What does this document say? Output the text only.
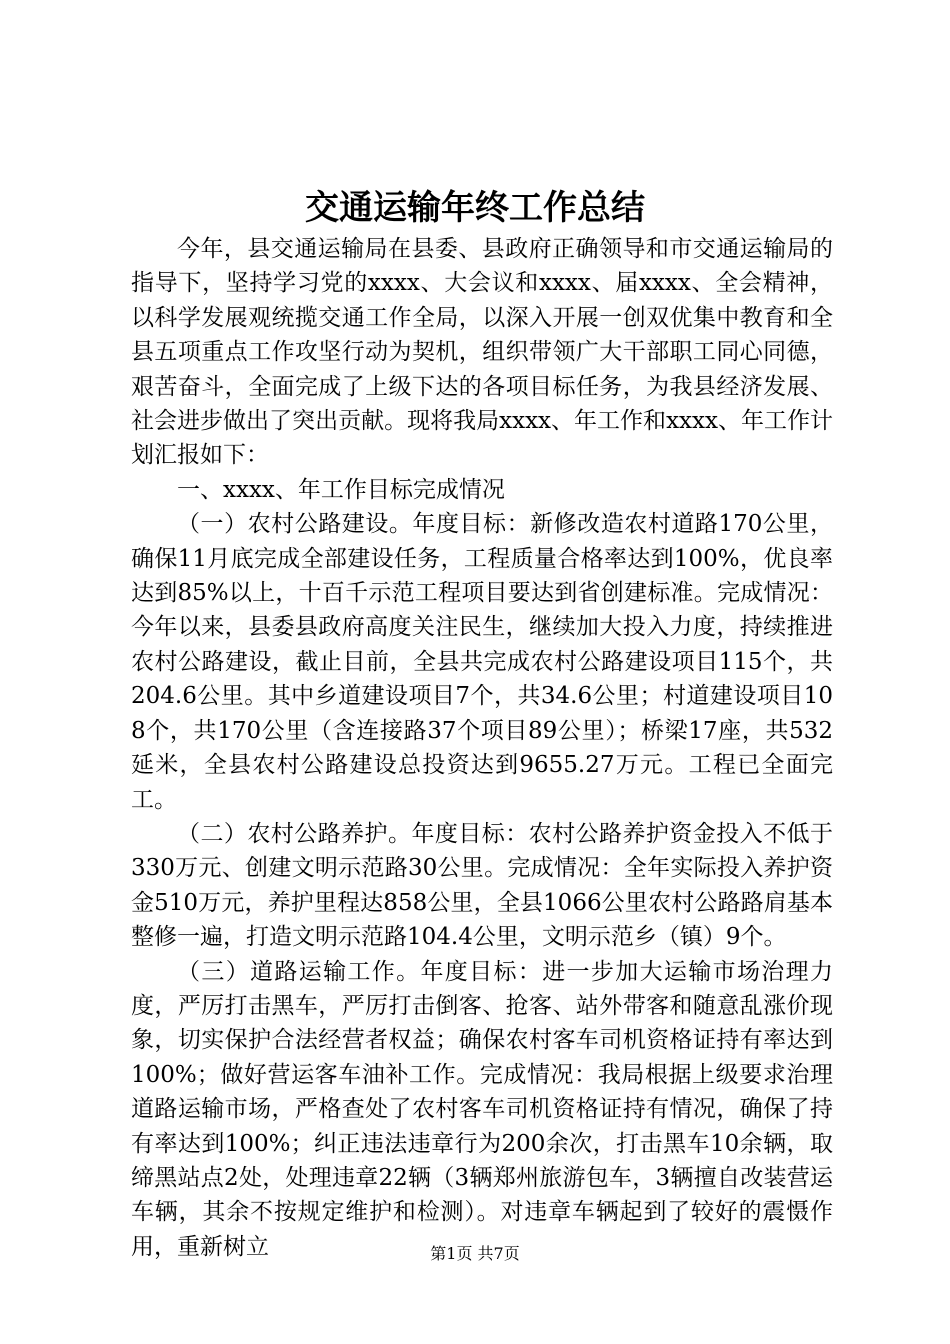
交通运输年终工作总结

今年，县交通运输局在县委、县政府正确领导和市交通运输局的指导下，坚持学习党的xxxx、大会议和xxxx、届xxxx、全会精神，以科学发展观统揽交通工作全局，以深入开展一创双优集中教育和全县五项重点工作攻坚行动为契机，组织带领广大干部职工同心同德，艰苦奋斗，全面完成了上级下达的各项目标任务，为我县经济发展、社会进步做出了突出贡献。现将我局xxxx、年工作和xxxx、年工作计划汇报如下：

一、xxxx、年工作目标完成情况

（一）农村公路建设。年度目标：新修改造农村道路170公里，确保11月底完成全部建设任务，工程质量合格率达到100%，优良率达到85%以上，十百千示范工程项目要达到省创建标准。完成情况：今年以来，县委县政府高度关注民生，继续加大投入力度，持续推进农村公路建设，截止目前，全县共完成农村公路建设项目115个，共204.6公里。其中乡道建设项目7个，共34.6公里；村道建设项目108个，共170公里（含连接路37个项目89公里）；桥梁17座，共532延米，全县农村公路建设总投资达到9655.27万元。工程已全面完工。

（二）农村公路养护。年度目标：农村公路养护资金投入不低于330万元、创建文明示范路30公里。完成情况：全年实际投入养护资金510万元，养护里程达858公里，全县1066公里农村公路路肩基本整修一遍，打造文明示范路104.4公里，文明示范乡（镇）9个。

（三）道路运输工作。年度目标：进一步加大运输市场治理力度，严厉打击黑车，严厉打击倒客、抢客、站外带客和随意乱涨价现象，切实保护合法经营者权益；确保农村客车司机资格证持有率达到100%；做好营运客车油补工作。完成情况：我局根据上级要求治理道路运输市场，严格查处了农村客车司机资格证持有情况，确保了持有率达到100%；纠正违法违章行为200余次，打击黑车10余辆，取缔黑站点2处，处理违章22辆（3辆郑州旅游包车，3辆擅自改装营运车辆，其余不按规定维护和检测）。对违章车辆起到了较好的震慑作用，重新树立	第1页 共7页
